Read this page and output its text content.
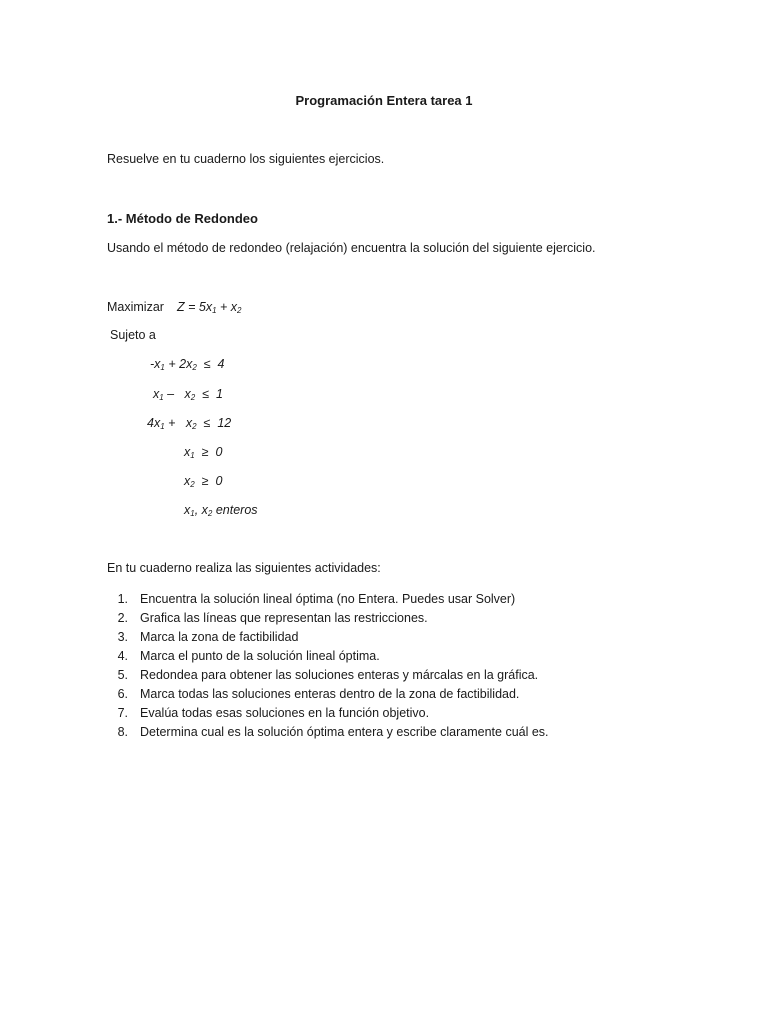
Programación Entera tarea 1
Resuelve en tu cuaderno los siguientes ejercicios.
1.- Método de Redondeo
Usando el método de redondeo (relajación) encuentra la solución del siguiente ejercicio.
Maximizar $Z = 5x_1 + x_2$
Sujeto a
$-x_1 + 2x_2 \le 4$
$x_1 - x_2 \le 1$
$4x_1 + x_2 \le 12$
$x_1 \ge 0$
$x_2 \ge 0$
$x_1$, $x_2$ enteros
En tu cuaderno realiza las siguientes actividades:
1. Encuentra la solución lineal óptima (no Entera. Puedes usar Solver)
2. Grafica las líneas que representan las restricciones.
3. Marca la zona de factibilidad
4. Marca el punto de la solución lineal óptima.
5. Redondea para obtener las soluciones enteras y márcalas en la gráfica.
6. Marca todas las soluciones enteras dentro de la zona de factibilidad.
7. Evalúa todas esas soluciones en la función objetivo.
8. Determina cual es la solución óptima entera y escribe claramente cuál es.
